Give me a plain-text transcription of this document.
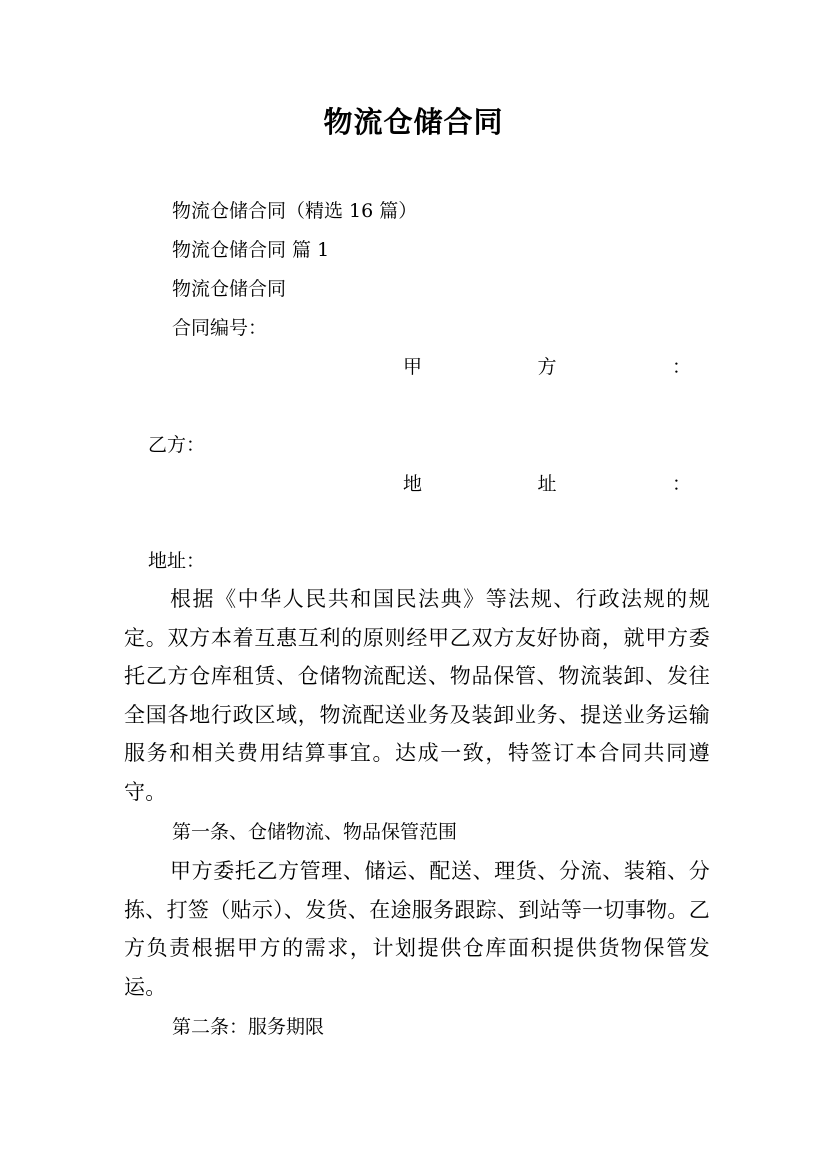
物流仓储合同
物流仓储合同（精选 16 篇）
物流仓储合同 篇 1
物流仓储合同
合同编号：
甲	方	：
乙方：
地	址	：
地址：

根据《中华人民共和国民法典》等法规、行政法规的规定。双方本着互惠互利的原则经甲乙双方友好协商，就甲方委托乙方仓库租赁、仓储物流配送、物品保管、物流装卸、发往全国各地行政区域，物流配送业务及装卸业务、提送业务运输服务和相关费用结算事宜。达成一致，特签订本合同共同遵守。

第一条、仓储物流、物品保管范围

甲方委托乙方管理、储运、配送、理货、分流、装箱、分拣、打签（贴示）、发货、在途服务跟踪、到站等一切事物。乙方负责根据甲方的需求，计划提供仓库面积提供货物保管发运。

第二条：服务期限
